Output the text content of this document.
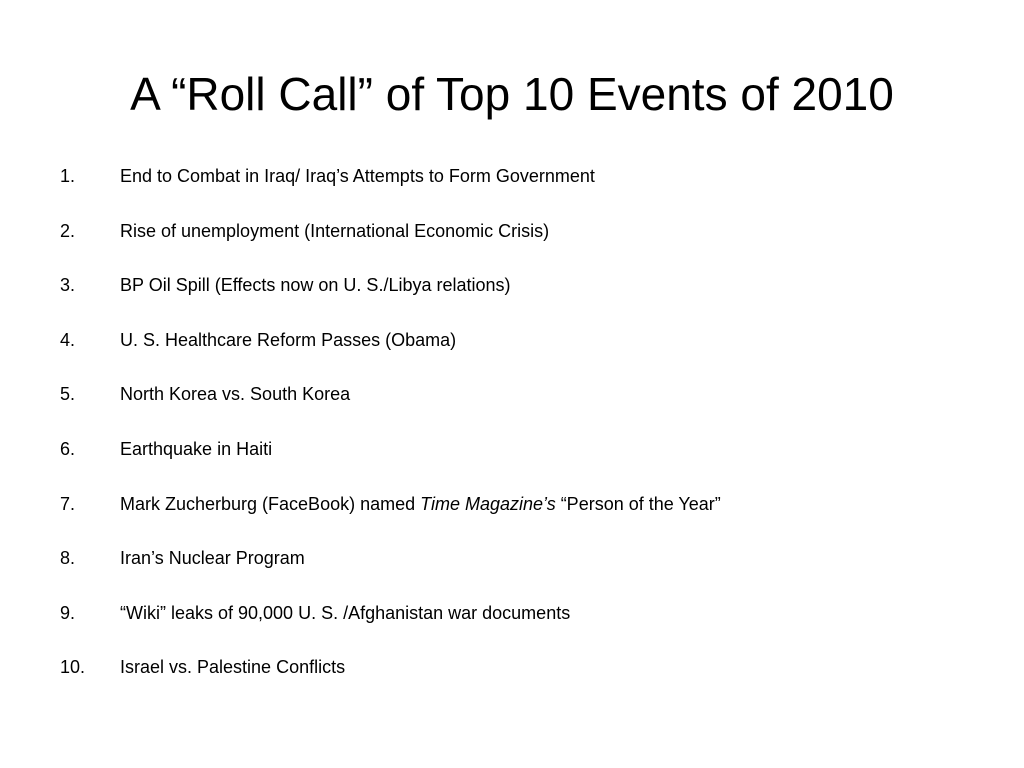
A “Roll Call” of Top 10 Events of 2010
1. End to Combat in Iraq/ Iraq’s Attempts to Form Government
2. Rise of unemployment (International Economic Crisis)
3. BP Oil Spill (Effects now on U. S./Libya relations)
4. U. S. Healthcare Reform Passes (Obama)
5. North Korea vs. South Korea
6. Earthquake in Haiti
7. Mark Zucherburg (FaceBook) named Time Magazine’s “Person of the Year”
8. Iran’s Nuclear Program
9. “Wiki” leaks of 90,000 U. S. /Afghanistan war documents
10. Israel vs. Palestine Conflicts
